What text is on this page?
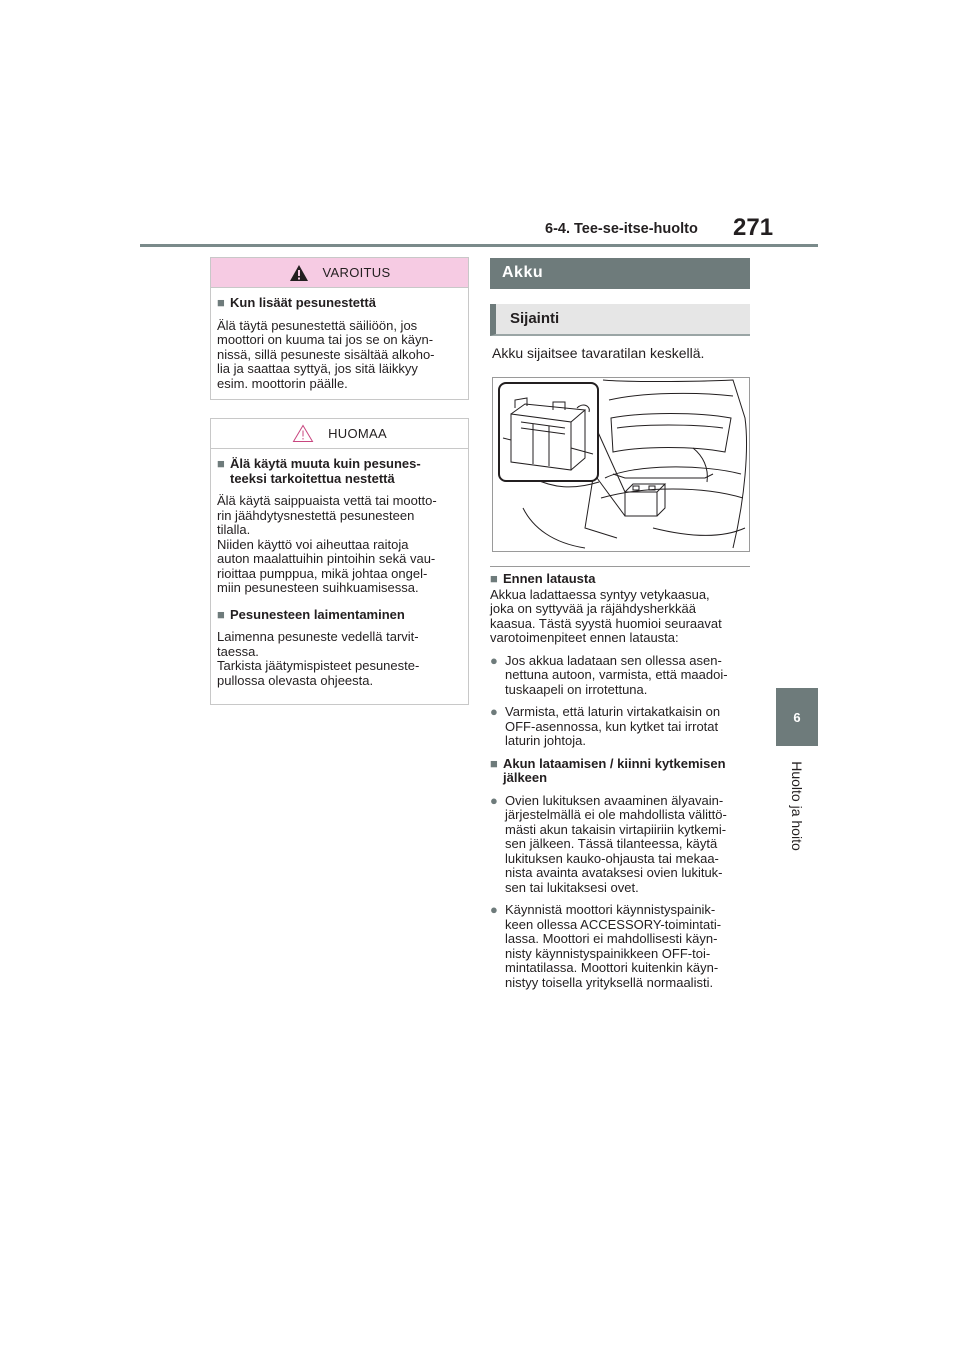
6-4. Tee-se-itse-huolto 271
6
Huolto ja hoito
VAROITUS
■ Kun lisäät pesunestettä
Älä täytä pesunestettä säiliöön, jos
moottori on kuuma tai jos se on käyn-
nissä, sillä pesuneste sisältää alkoho-
lia ja saattaa syttyä, jos sitä läikkyy
esim. moottorin päälle.
HUOMAA
■ Älä käytä muuta kuin pesunes-
teeksi tarkoitettua nestettä
Älä käytä saippuaista vettä tai mootto-
rin jäähdytysnestettä pesunesteen
tilalla.
Niiden käyttö voi aiheuttaa raitoja
auton maalattuihin pintoihin sekä vau-
rioittaa pumppua, mikä johtaa ongel-
miin pesunesteen suihkuamisessa.
■ Pesunesteen laimentaminen
Laimenna pesuneste vedellä tarvit-
taessa.
Tarkista jäätymispisteet pesuneste-
pullossa olevasta ohjeesta.
Akku
Sijainti
Akku sijaitsee tavaratilan keskellä.
■ Ennen latausta
Akkua ladattaessa syntyy vetykaasua,
joka on syttyvää ja räjähdysherkkää
kaasua. Tästä syystä huomioi seuraavat
varotoimenpiteet ennen latausta:
● Jos akkua ladataan sen ollessa asen-
nettuna autoon, varmista, että maadoi-
tuskaapeli on irrotettuna.
● Varmista, että laturin virtakatkaisin on
OFF-asennossa, kun kytket tai irrotat
laturin johtoja.
■ Akun lataamisen / kiinni kytkemisen
jälkeen
● Ovien lukituksen avaaminen älyavain-
järjestelmällä ei ole mahdollista välittö-
mästi akun takaisin virtapiiriin kytkemi-
sen jälkeen. Tässä tilanteessa, käytä
lukituksen kauko-ohjausta tai mekaa-
nista avainta avataksesi ovien lukituk-
sen tai lukitaksesi ovet.
● Käynnistä moottori käynnistyspainik-
keen ollessa ACCESSORY-toimintati-
lassa. Moottori ei mahdollisesti käyn-
nisty käynnistyspainikkeen OFF-toi-
mintatilassa. Moottori kuitenkin käyn-
nistyy toisella yrityksellä normaalisti.
